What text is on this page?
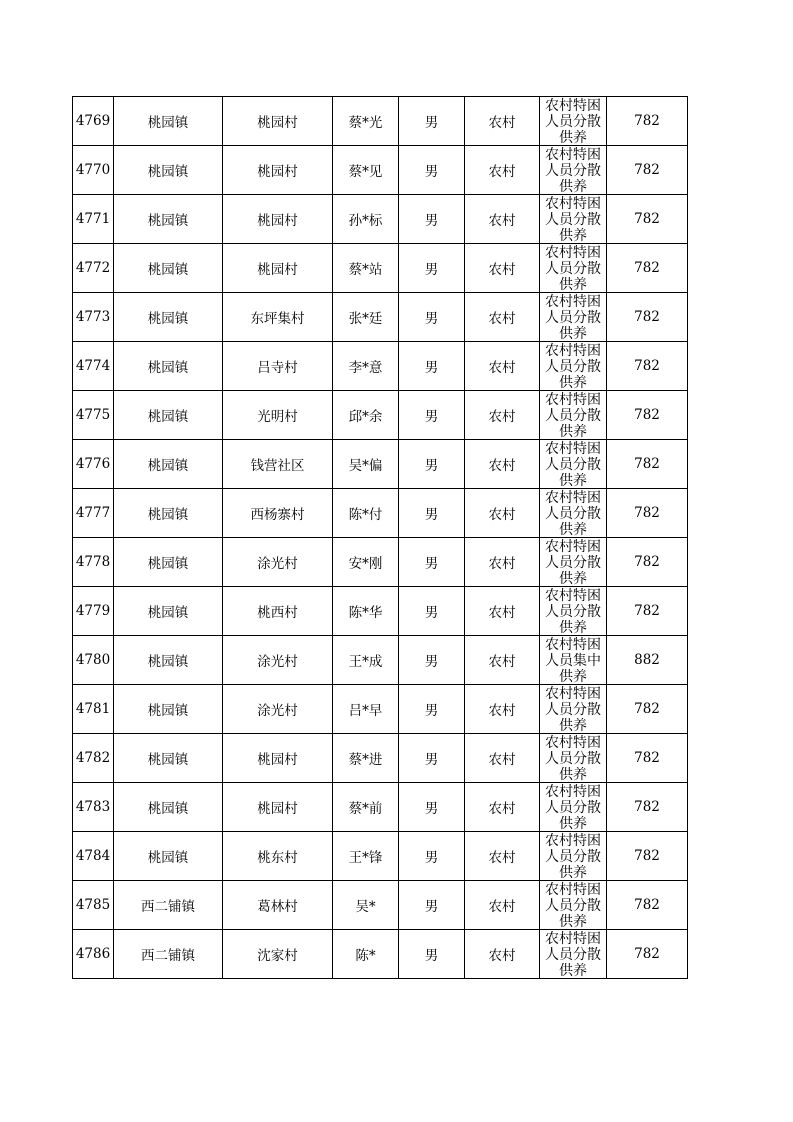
4769	桃园镇	桃园村	蔡*光	男	农村	农村特困人员分散供养	782
4770	桃园镇	桃园村	蔡*见	男	农村	农村特困人员分散供养	782
4771	桃园镇	桃园村	孙*标	男	农村	农村特困人员分散供养	782
4772	桃园镇	桃园村	蔡*站	男	农村	农村特困人员分散供养	782
4773	桃园镇	东坪集村	张*廷	男	农村	农村特困人员分散供养	782
4774	桃园镇	吕寺村	李*意	男	农村	农村特困人员分散供养	782
4775	桃园镇	光明村	邱*余	男	农村	农村特困人员分散供养	782
4776	桃园镇	钱营社区	吴*偏	男	农村	农村特困人员分散供养	782
4777	桃园镇	西杨寨村	陈*付	男	农村	农村特困人员分散供养	782
4778	桃园镇	涂光村	安*刚	男	农村	农村特困人员分散供养	782
4779	桃园镇	桃西村	陈*华	男	农村	农村特困人员分散供养	782
4780	桃园镇	涂光村	王*成	男	农村	农村特困人员集中供养	882
4781	桃园镇	涂光村	吕*早	男	农村	农村特困人员分散供养	782
4782	桃园镇	桃园村	蔡*进	男	农村	农村特困人员分散供养	782
4783	桃园镇	桃园村	蔡*前	男	农村	农村特困人员分散供养	782
4784	桃园镇	桃东村	王*锋	男	农村	农村特困人员分散供养	782
4785	西二铺镇	葛林村	吴*	男	农村	农村特困人员分散供养	782
4786	西二铺镇	沈家村	陈*	男	农村	农村特困人员分散供养	782
